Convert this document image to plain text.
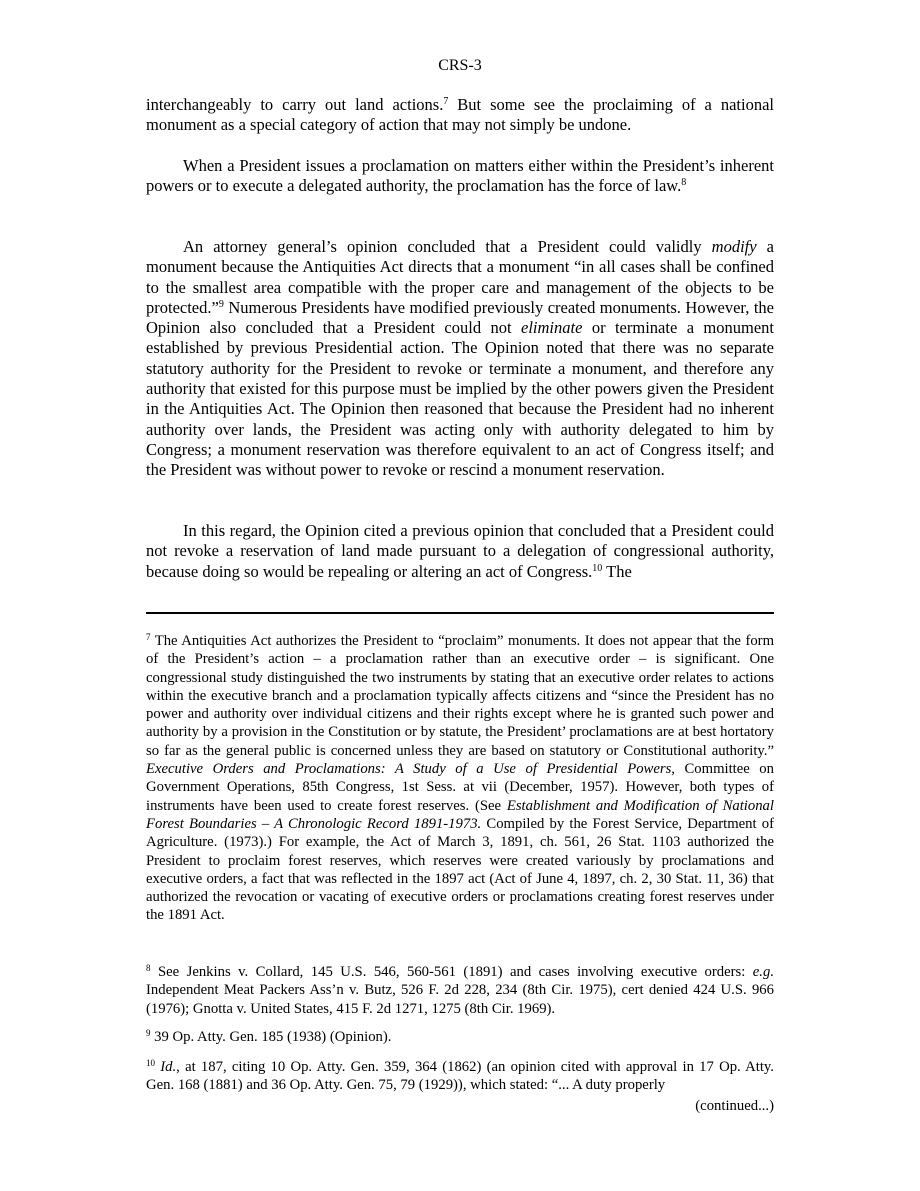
CRS-3

interchangeably to carry out land actions.$^7$ But some see the proclaiming of a national monument as a special category of action that may not simply be undone.

When a President issues a proclamation on matters either within the President’s inherent powers or to execute a delegated authority, the proclamation has the force of law.$^8$

An attorney general’s opinion concluded that a President could validly modify a monument because the Antiquities Act directs that a monument “in all cases shall be confined to the smallest area compatible with the proper care and management of the objects to be protected.”$^9$ Numerous Presidents have modified previously created monuments. However, the Opinion also concluded that a President could not eliminate or terminate a monument established by previous Presidential action. The Opinion noted that there was no separate statutory authority for the President to revoke or terminate a monument, and therefore any authority that existed for this purpose must be implied by the other powers given the President in the Antiquities Act. The Opinion then reasoned that because the President had no inherent authority over lands, the President was acting only with authority delegated to him by Congress; a monument reservation was therefore equivalent to an act of Congress itself; and the President was without power to revoke or rescind a monument reservation.

In this regard, the Opinion cited a previous opinion that concluded that a President could not revoke a reservation of land made pursuant to a delegation of congressional authority, because doing so would be repealing or altering an act of Congress.$^{10}$ The

$^7$ The Antiquities Act authorizes the President to “proclaim” monuments. It does not appear that the form of the President’s action – a proclamation rather than an executive order – is significant. One congressional study distinguished the two instruments by stating that an executive order relates to actions within the executive branch and a proclamation typically affects citizens and “since the President has no power and authority over individual citizens and their rights except where he is granted such power and authority by a provision in the Constitution or by statute, the President’ proclamations are at best hortatory so far as the general public is concerned unless they are based on statutory or Constitutional authority.” Executive Orders and Proclamations: A Study of a Use of Presidential Powers, Committee on Government Operations, 85th Congress, 1st Sess. at vii (December, 1957). However, both types of instruments have been used to create forest reserves. (See Establishment and Modification of National Forest Boundaries – A Chronologic Record 1891-1973. Compiled by the Forest Service, Department of Agriculture. (1973).) For example, the Act of March 3, 1891, ch. 561, 26 Stat. 1103 authorized the President to proclaim forest reserves, which reserves were created variously by proclamations and executive orders, a fact that was reflected in the 1897 act (Act of June 4, 1897, ch. 2, 30 Stat. 11, 36) that authorized the revocation or vacating of executive orders or proclamations creating forest reserves under the 1891 Act.

$^8$ See Jenkins v. Collard, 145 U.S. 546, 560-561 (1891) and cases involving executive orders: e.g. Independent Meat Packers Ass’n v. Butz, 526 F. 2d 228, 234 (8th Cir. 1975), cert denied 424 U.S. 966 (1976); Gnotta v. United States, 415 F. 2d 1271, 1275 (8th Cir. 1969).

$^9$ 39 Op. Atty. Gen. 185 (1938) (Opinion).

$^{10}$ Id., at 187, citing 10 Op. Atty. Gen. 359, 364 (1862) (an opinion cited with approval in 17 Op. Atty. Gen. 168 (1881) and 36 Op. Atty. Gen. 75, 79 (1929)), which stated: “... A duty properly

(continued...)
